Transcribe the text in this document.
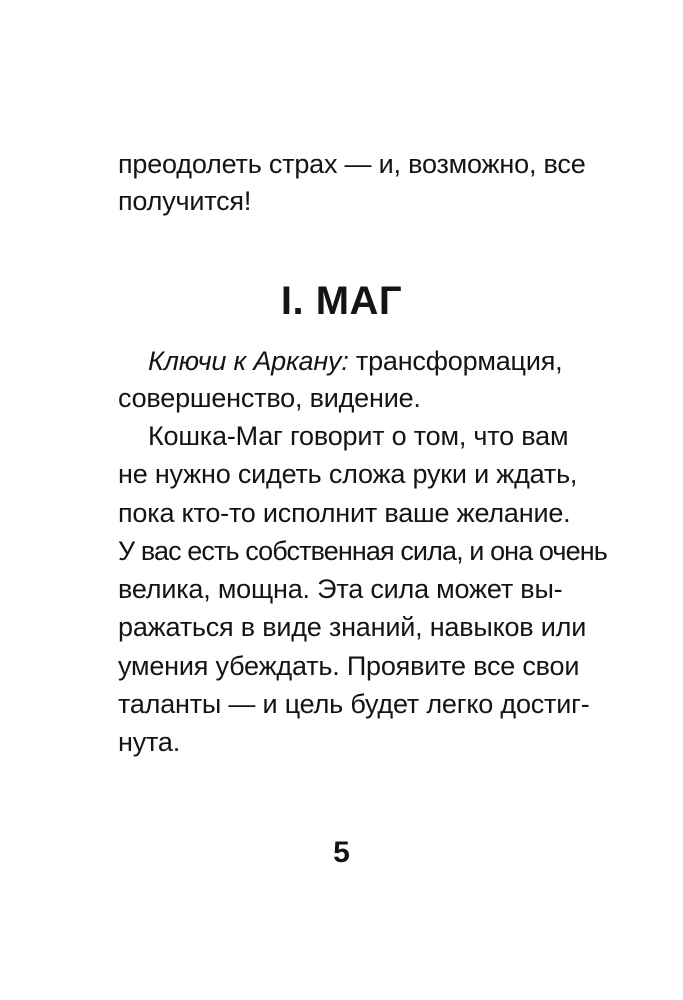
преодолеть страх — и, возможно, все
получится!
I. МАГ
Ключи к Аркану: трансформация,
совершенство, видение.
Кошка-Маг говорит о том, что вам
не нужно сидеть сложа руки и ждать,
пока кто-то исполнит ваше желание.
У вас есть собственная сила, и она очень
велика, мощна. Эта сила может вы-
ражаться в виде знаний, навыков или
умения убеждать. Проявите все свои
таланты — и цель будет легко достиг-
нута.
5
